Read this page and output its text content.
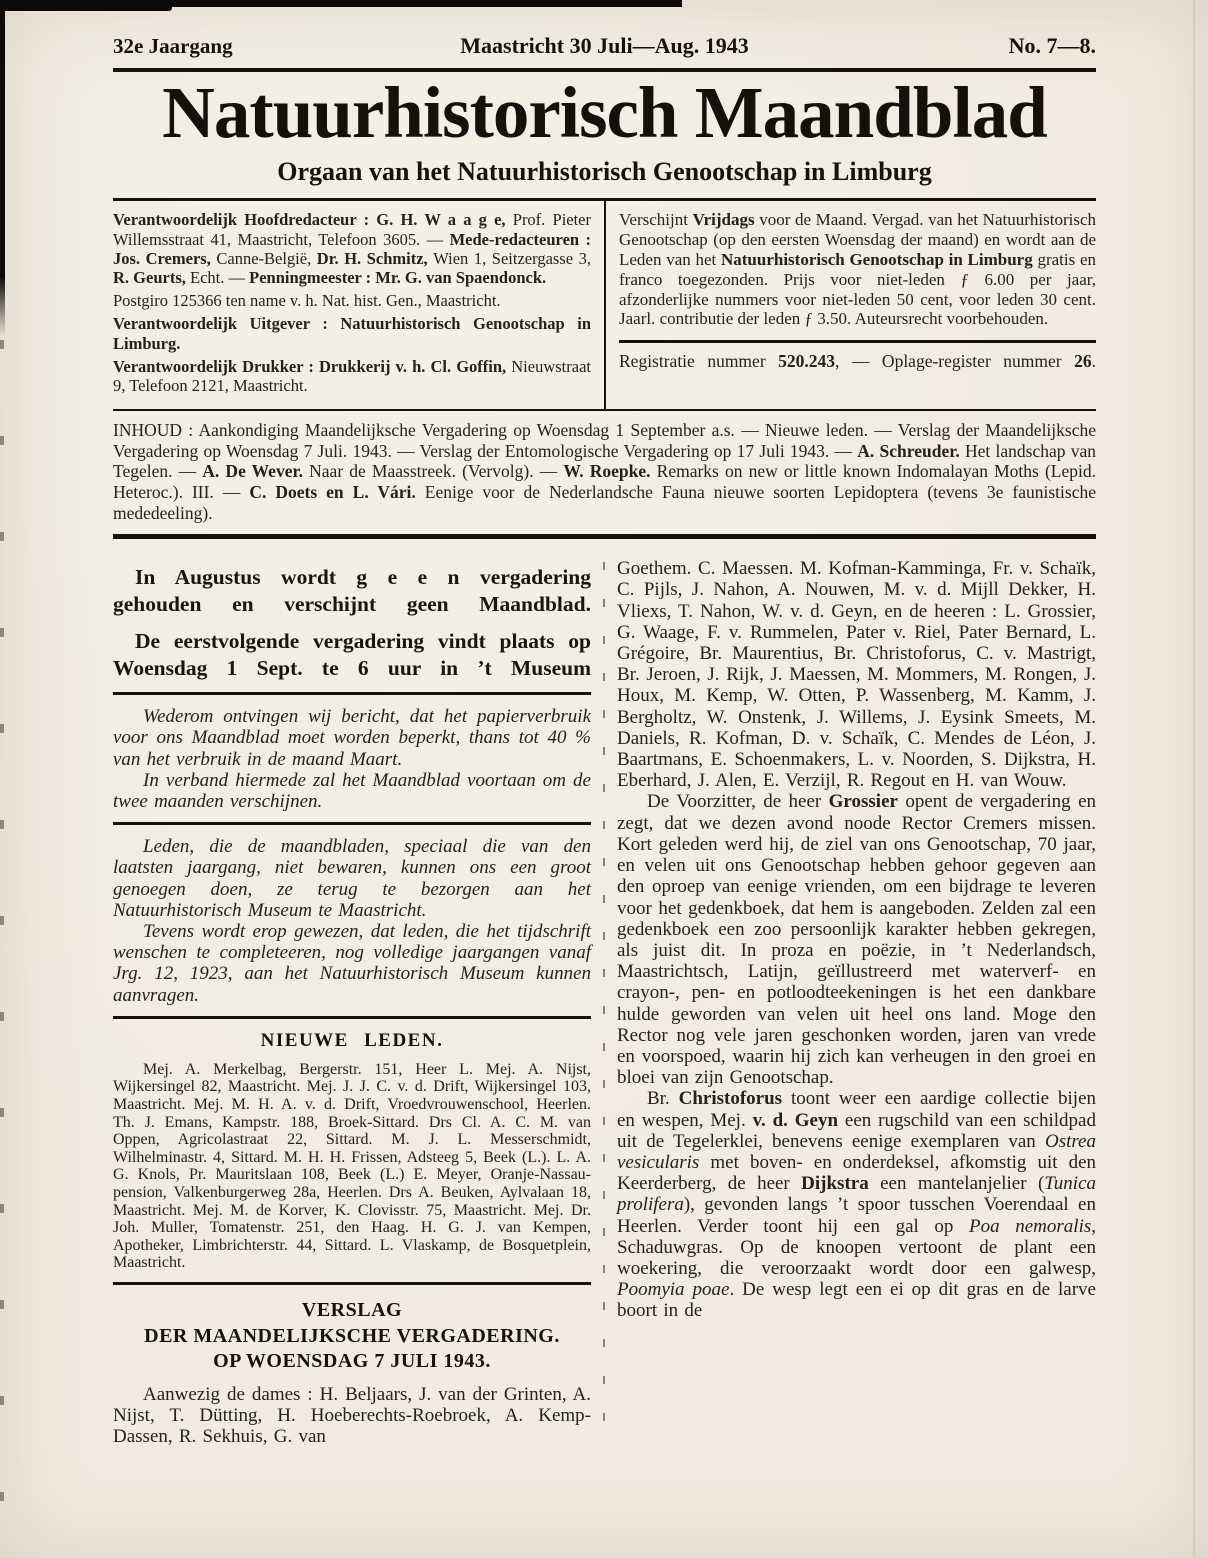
32e Jaargang	Maastricht 30 Juli—Aug. 1943	No. 7—8.
Natuurhistorisch Maandblad
Orgaan van het Natuurhistorisch Genootschap in Limburg

Verantwoordelijk Hoofdredacteur : G. H. W a a g e, Prof. Pieter Willemsstraat 41, Maastricht, Telefoon 3605. — Mede-redacteuren : Jos. Cremers, Canne-België, Dr. H. Schmitz, Wien 1, Seitzergasse 3, R. Geurts, Echt. — Penningmeester : Mr. G. van Spaendonck.

Postgiro 125366 ten name v. h. Nat. hist. Gen., Maastricht.

Verantwoordelijk Uitgever : Natuurhistorisch Genootschap in Limburg.

Verantwoordelijk Drukker : Drukkerij v. h. Cl. Goffin, Nieuwstraat 9, Telefoon 2121, Maastricht.

Verschijnt Vrijdags voor de Maand. Vergad. van het Natuurhistorisch Genootschap (op den eersten Woensdag der maand) en wordt aan de Leden van het Natuurhistorisch Genootschap in Limburg gratis en franco toegezonden. Prijs voor niet-leden ƒ 6.00 per jaar, afzonderlijke nummers voor niet-leden 50 cent, voor leden 30 cent. Jaarl. contributie der leden ƒ 3.50. Auteursrecht voorbehouden.

Registratie nummer 520.243, — Oplage-register nummer 26.

INHOUD : Aankondiging Maandelijksche Vergadering op Woensdag 1 September a.s. — Nieuwe leden. — Verslag der Maandelijksche Vergadering op Woensdag 7 Juli. 1943. — Verslag der Entomologische Vergadering op 17 Juli 1943. — A. Schreuder. Het landschap van Tegelen. — A. De Wever. Naar de Maasstreek. (Vervolg). — W. Roepke. Remarks on new or little known Indomalayan Moths (Lepid. Heteroc.). III. — C. Doets en L. Vári. Eenige voor de Nederlandsche Fauna nieuwe soorten Lepidoptera (tevens 3e faunistische mededeeling).

In Augustus wordt g e e n vergadering gehouden en verschijnt geen Maandblad.

De eerstvolgende vergadering vindt plaats op Woensdag 1 Sept. te 6 uur in ’t Museum

Wederom ontvingen wij bericht, dat het papierverbruik voor ons Maandblad moet worden beperkt, thans tot 40 % van het verbruik in de maand Maart.

In verband hiermede zal het Maandblad voortaan om de twee maanden verschijnen.

Leden, die de maandbladen, speciaal die van den laatsten jaargang, niet bewaren, kunnen ons een groot genoegen doen, ze terug te bezorgen aan het Natuurhistorisch Museum te Maastricht.

Tevens wordt erop gewezen, dat leden, die het tijdschrift wenschen te completeeren, nog volledige jaargangen vanaf Jrg. 12, 1923, aan het Natuurhistorisch Museum kunnen aanvragen.

NIEUWE LEDEN.

Mej. A. Merkelbag, Bergerstr. 151, Heer L. Mej. A. Nijst, Wijkersingel 82, Maastricht. Mej. J. J. C. v. d. Drift, Wijkersingel 103, Maastricht. Mej. M. H. A. v. d. Drift, Vroedvrouwenschool, Heerlen. Th. J. Emans, Kampstr. 188, Broek-Sittard. Drs Cl. A. C. M. van Oppen, Agricolastraat 22, Sittard. M. J. L. Messerschmidt, Wilhelminastr. 4, Sittard. M. H. H. Frissen, Adsteeg 5, Beek (L.). L. A. G. Knols, Pr. Mauritslaan 108, Beek (L.) E. Meyer, Oranje-Nassau-pension, Valkenburgerweg 28a, Heerlen. Drs A. Beuken, Aylvalaan 18, Maastricht. Mej. M. de Korver, K. Clovisstr. 75, Maastricht. Mej. Dr. Joh. Muller, Tomatenstr. 251, den Haag. H. G. J. van Kempen, Apotheker, Limbrichterstr. 44, Sittard. L. Vlaskamp, de Bosquetplein, Maastricht.

VERSLAG
DER MAANDELIJKSCHE VERGADERING.
OP WOENSDAG 7 JULI 1943.

Aanwezig de dames : H. Beljaars, J. van der Grinten, A. Nijst, T. Dütting, H. Hoeberechts-Roebroek, A. Kemp-Dassen, R. Sekhuis, G. van

Goethem. C. Maessen. M. Kofman-Kamminga, Fr. v. Schaïk, C. Pijls, J. Nahon, A. Nouwen, M. v. d. Mijll Dekker, H. Vliexs, T. Nahon, W. v. d. Geyn, en de heeren : L. Grossier, G. Waage, F. v. Rummelen, Pater v. Riel, Pater Bernard, L. Grégoire, Br. Maurentius, Br. Christoforus, C. v. Mastrigt, Br. Jeroen, J. Rijk, J. Maessen, M. Mommers, M. Rongen, J. Houx, M. Kemp, W. Otten, P. Wassenberg, M. Kamm, J. Bergholtz, W. Onstenk, J. Willems, J. Eysink Smeets, M. Daniels, R. Kofman, D. v. Schaïk, C. Mendes de Léon, J. Baartmans, E. Schoenmakers, L. v. Noorden, S. Dijkstra, H. Eberhard, J. Alen, E. Verzijl, R. Regout en H. van Wouw.

De Voorzitter, de heer Grossier opent de vergadering en zegt, dat we dezen avond noode Rector Cremers missen. Kort geleden werd hij, de ziel van ons Genootschap, 70 jaar, en velen uit ons Genootschap hebben gehoor gegeven aan den oproep van eenige vrienden, om een bijdrage te leveren voor het gedenkboek, dat hem is aangeboden. Zelden zal een gedenkboek een zoo persoonlijk karakter hebben gekregen, als juist dit. In proza en poëzie, in ’t Nederlandsch, Maastrichtsch, Latijn, geïllustreerd met waterverf- en crayon-, pen- en potloodteekeningen is het een dankbare hulde geworden van velen uit heel ons land. Moge den Rector nog vele jaren geschonken worden, jaren van vrede en voorspoed, waarin hij zich kan verheugen in den groei en bloei van zijn Genootschap.

Br. Christoforus toont weer een aardige collectie bijen en wespen, Mej. v. d. Geyn een rugschild van een schildpad uit de Tegelerklei, benevens eenige exemplaren van Ostrea vesicularis met boven- en onderdeksel, afkomstig uit den Keerderberg, de heer Dijkstra een mantelanjelier (Tunica prolifera), gevonden langs ’t spoor tusschen Voerendaal en Heerlen. Verder toont hij een gal op Poa nemoralis, Schaduwgras. Op de knoopen vertoont de plant een woekering, die veroorzaakt wordt door een galwesp, Poomyia poae. De wesp legt een ei op dit gras en de larve boort in de
